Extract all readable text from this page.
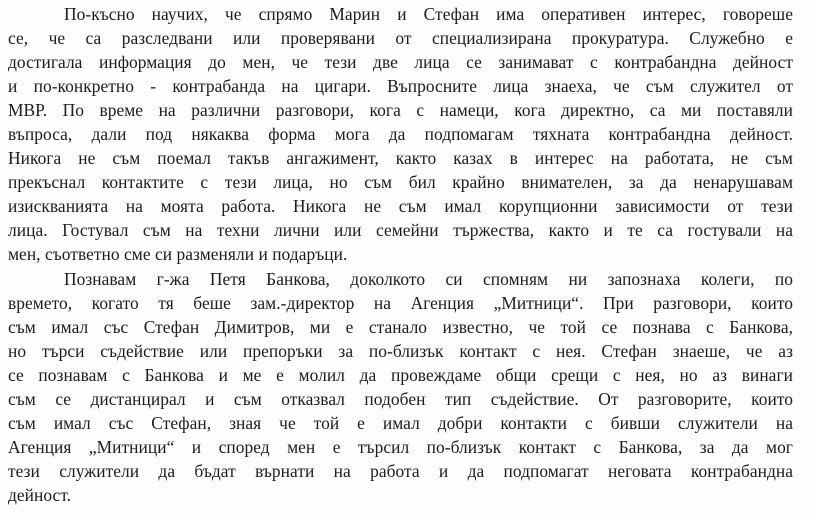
По-късно научих, че спрямо Марин и Стефан има оперативен интерес, говореше

се, че са разследвани или проверявани от специализирана прокуратура. Служебно е

достигала информация до мен, че тези две лица се занимават с контрабандна дейност

и по-конкретно - контрабанда на цигари. Въпросните лица знаеха, че съм служител от

МВР. По време на различни разговори, кога с намеци, кога директно, са ми поставяли

въпроса, дали под някаква форма мога да подпомагам тяхната контрабандна дейност.

Никога не съм поемал такъв ангажимент, както казах в интерес на работата, не съм

прекъснал контактите с тези лица, но съм бил крайно внимателен, за да ненарушавам

изискванията на моята работа. Никога не съм имал корупционни зависимости от тези

лица. Гостувал съм на техни лични или семейни тържества, както и те са гостували на

мен, съответно сме си разменяли и подаръци.

Познавам г-жа Петя Банкова, доколкото си спомням ни запознаха колеги, по

времето, когато тя беше зам.-директор на Агенция „Митници“. При разговори, които

съм имал със Стефан Димитров, ми е станало известно, че той се познава с Банкова,

но търси съдействие или препоръки за по-близък контакт с нея. Стефан знаеше, че аз

се познавам с Банкова и ме е молил да провеждаме общи срещи с нея, но аз винаги

съм се дистанцирал и съм отказвал подобен тип съдействие. От разговорите, които

съм имал със Стефан, зная че той е имал добри контакти с бивши служители на

Агенция „Митници“ и според мен е търсил по-близък контакт с Банкова, за да мог

тези служители да бъдат върнати на работа и да подпомагат неговата контрабандна

дейност.
